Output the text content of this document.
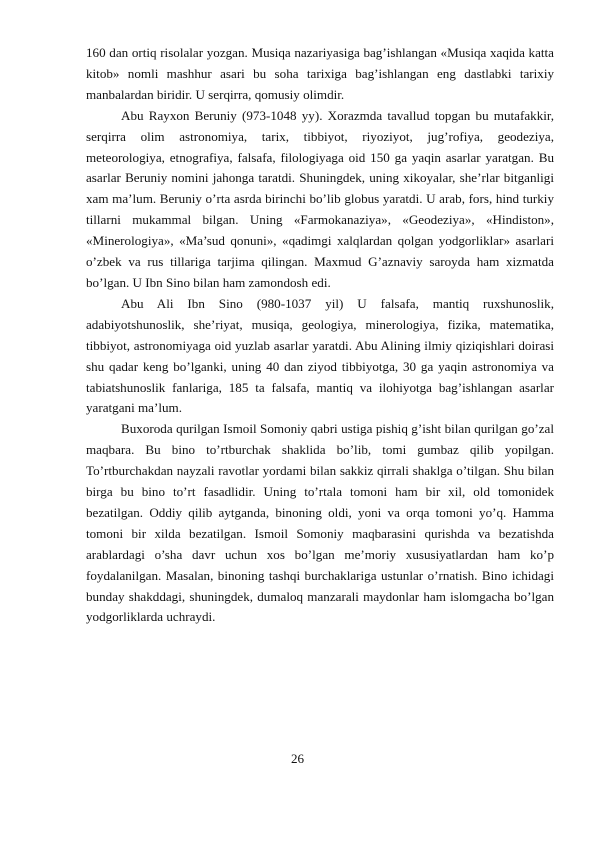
160 dan ortiq risolalar yozgan. Musiqa nazariyasiga bag’ishlangan «Musiqa xaqida katta kitob» nomli mashhur asari bu soha tarixiga bag’ishlangan eng dastlabki tarixiy manbalardan biridir. U serqirra, qomusiy olimdir.

Abu Rayxon Beruniy (973-1048 yy). Xorazmda tavallud topgan bu mutafakkir, serqirra olim astronomiya, tarix, tibbiyot, riyoziyot, jug’rofiya, geodeziya, meteorologiya, etnografiya, falsafa, filologiyaga oid 150 ga yaqin asarlar yaratgan. Bu asarlar Beruniy nomini jahonga taratdi. Shuningdek, uning xikoyalar, she’rlar bitganligi xam ma’lum. Beruniy o’rta asrda birinchi bo’lib globus yaratdi. U arab, fors, hind turkiy tillarni mukammal bilgan. Uning «Farmokanaziya», «Geodeziya», «Hindiston», «Minerologiya», «Ma’sud qonuni», «qadimgi xalqlardan qolgan yodgorliklar» asarlari o’zbek va rus tillariga tarjima qilingan. Maxmud G’aznaviy saroyda ham xizmatda bo’lgan. U Ibn Sino bilan ham zamondosh edi.

Abu Ali Ibn Sino (980-1037 yil) U falsafa, mantiq ruxshunoslik, adabiyotshunoslik, she’riyat, musiqa, geologiya, minerologiya, fizika, matematika, tibbiyot, astronomiyaga oid yuzlab asarlar yaratdi. Abu Alining ilmiy qiziqishlari doirasi shu qadar keng bo’lganki, uning 40 dan ziyod tibbiyotga, 30 ga yaqin astronomiya va tabiatshunoslik fanlariga, 185 ta falsafa, mantiq va ilohiyotga bag’ishlangan asarlar yaratgani ma’lum.

Buxoroda qurilgan Ismoil Somoniy qabri ustiga pishiq g’isht bilan qurilgan go’zal maqbara. Bu bino to’rtburchak shaklida bo’lib, tomi gumbaz qilib yopilgan. To’rtburchakdan nayzali ravotlar yordami bilan sakkiz qirrali shaklga o’tilgan. Shu bilan birga bu bino to’rt fasadlidir. Uning to’rtala tomoni ham bir xil, old tomonidek bezatilgan. Oddiy qilib aytganda, binoning oldi, yoni va orqa tomoni yo’q. Hamma tomoni bir xilda bezatilgan. Ismoil Somoniy maqbarasini qurishda va bezatishda arablardagi o’sha davr uchun xos bo’lgan me’moriy xususiyatlardan ham ko’p foydalanilgan. Masalan, binoning tashqi burchaklariga ustunlar o’rnatish. Bino ichidagi bunday shakddagi, shuningdek, dumaloq manzarali maydonlar ham islomgacha bo’lgan yodgorliklarda uchraydi.

26
